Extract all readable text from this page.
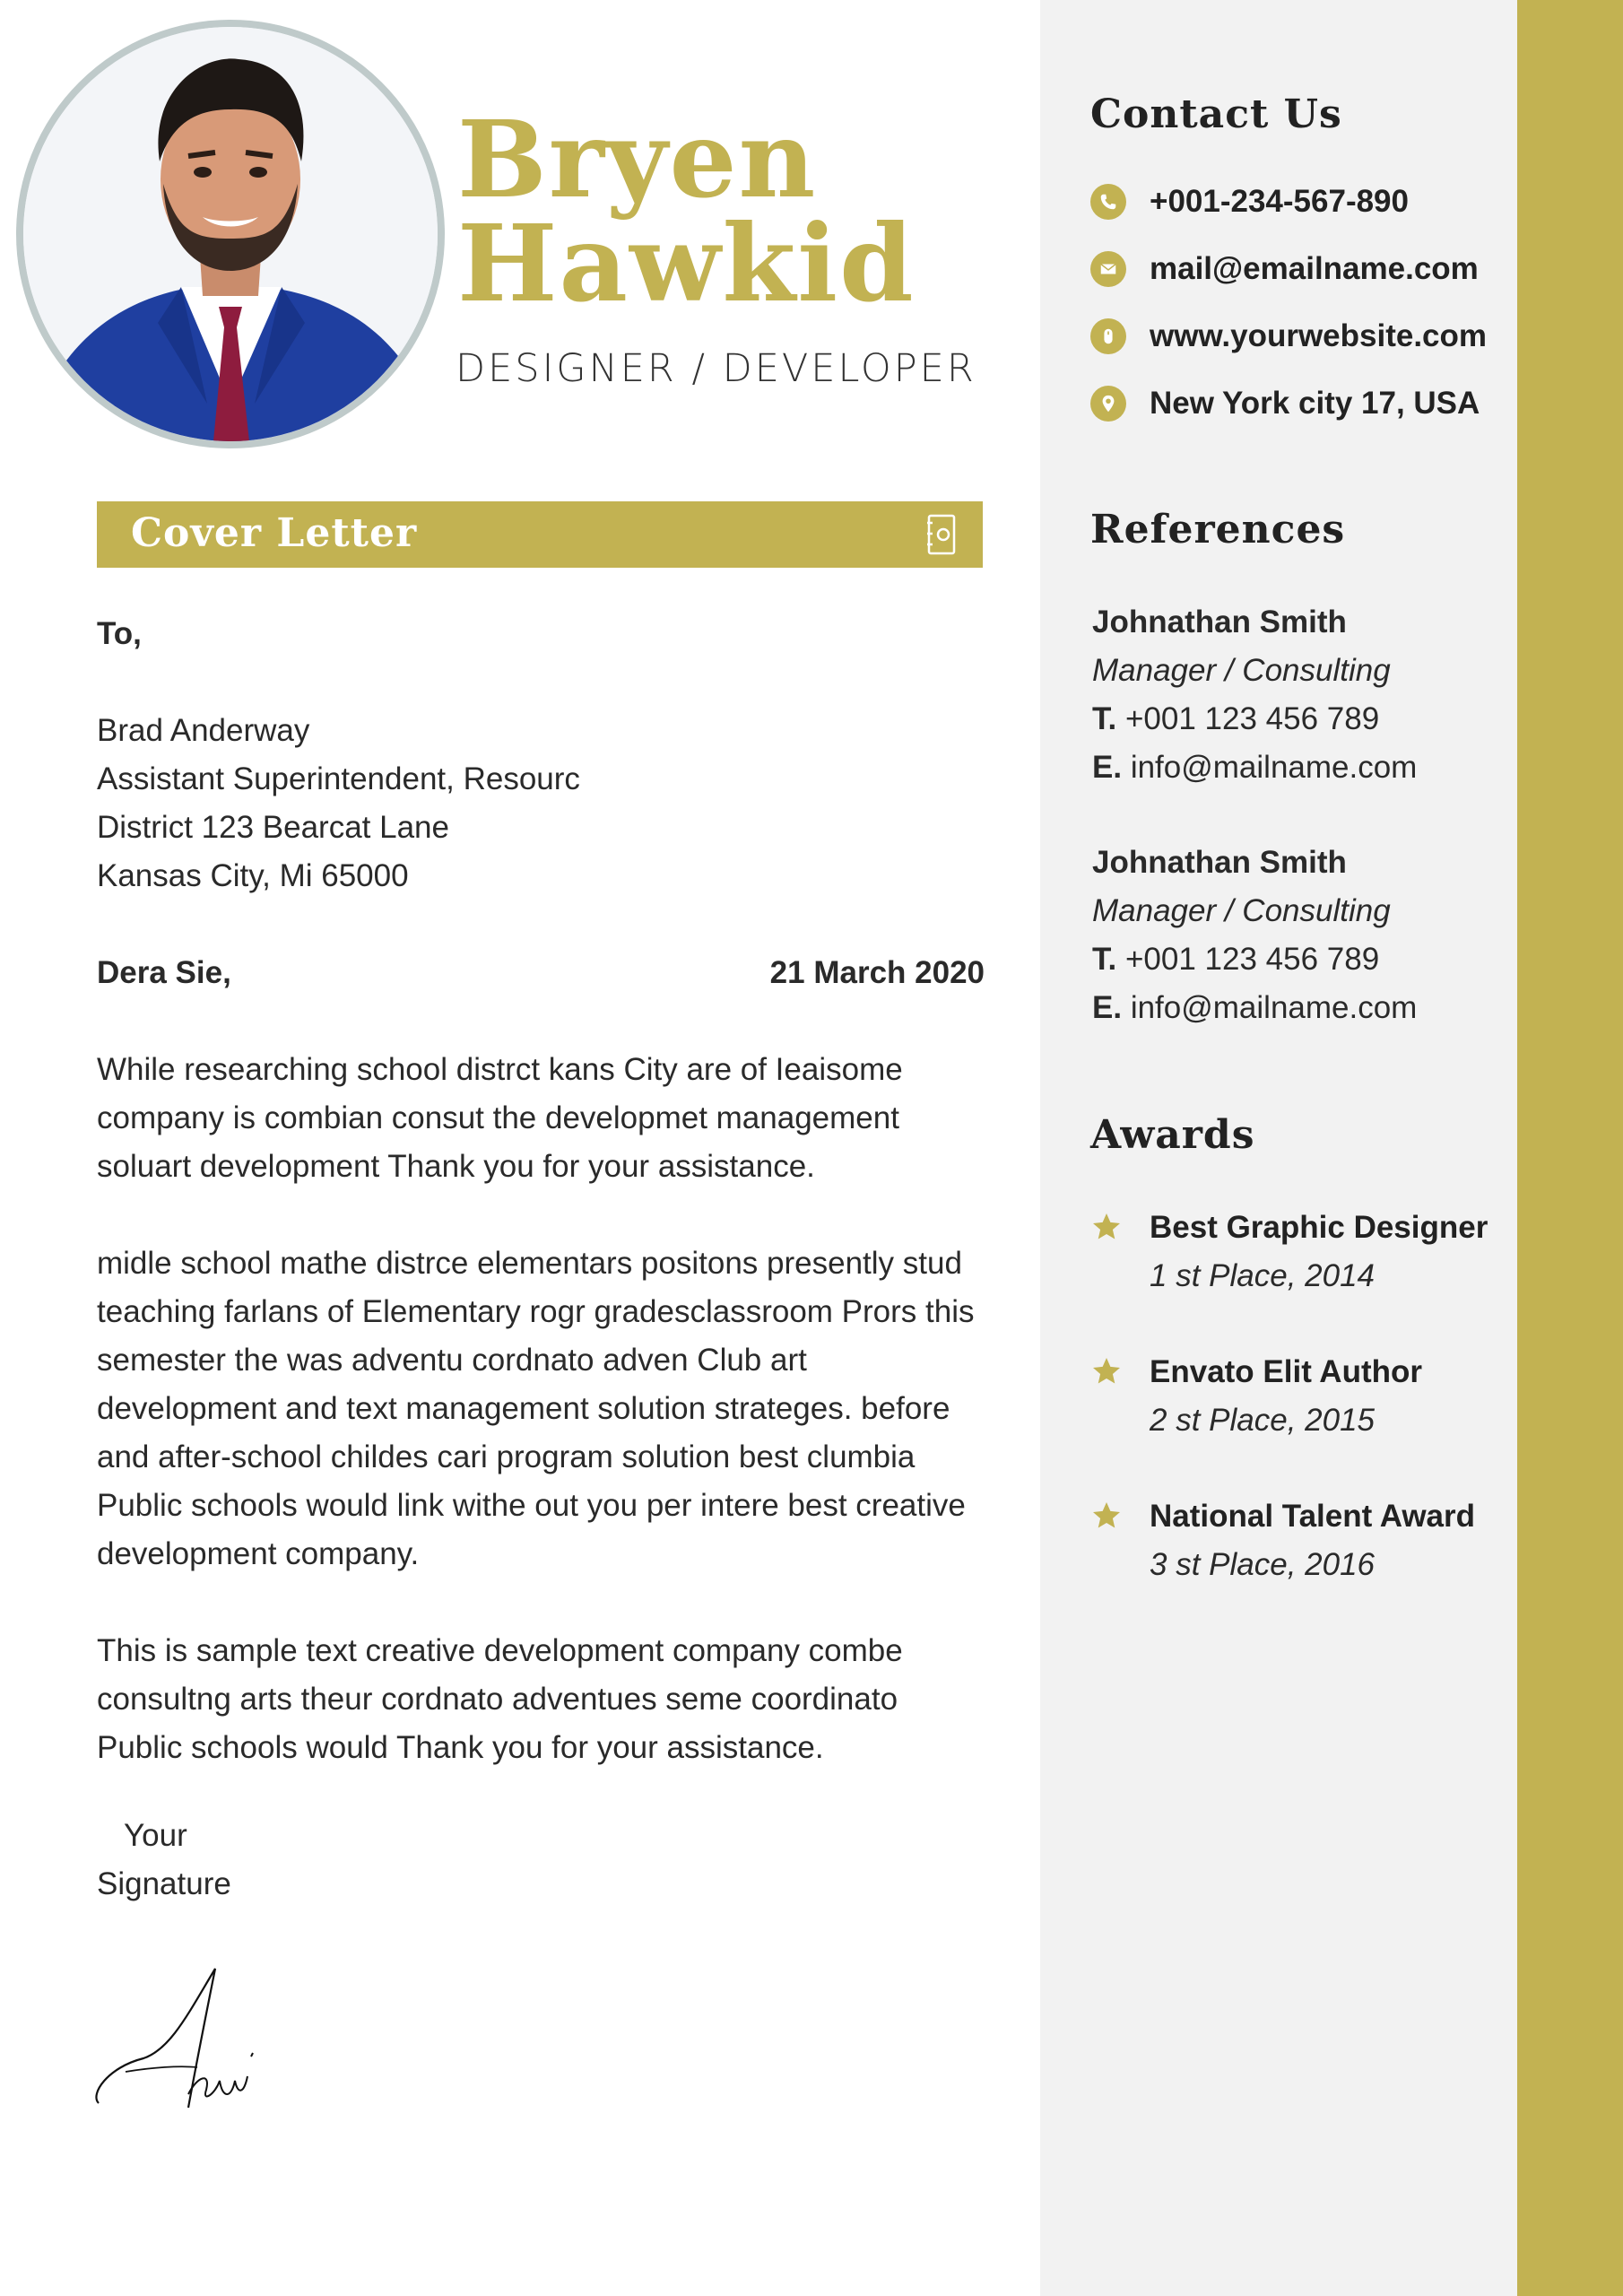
Bryen
Hawkid
DESIGNER / DEVELOPER
Cover Letter

To,

Brad Anderway

Assistant Superintendent, Resourc

District 123 Bearcat Lane

Kansas City, Mi 65000

Dera Sie,	21 March 2020

While researching school distrct kans City are of Ieaisome company is combian consut the developmet management soluart development Thank you for your assistance.

midle school mathe distrce elementars positons presently stud teaching farlans of Elementary rogr gradesclassroom Prors this semester the was adventu cordnato adven Club art development and text management solution strateges. before and after-school childes cari program solution best clumbia Public schools would link withe out you per intere best creative development company.

This is sample text creative development company combe consultng arts theur cordnato adventues seme coordinato Public schools would Thank you for your assistance.

Your
Signature
Contact Us
+001-234-567-890
mail@emailname.com
www.yourwebsite.com
New York city 17, USA
References
Johnathan Smith
Manager / Consulting
T. +001 123 456 789
E. info@mailname.com
Johnathan Smith
Manager / Consulting
T. +001 123 456 789
E. info@mailname.com
Awards
Best Graphic Designer
1 st Place, 2014
Envato Elit Author
2 st Place, 2015
National Talent Award
3 st Place, 2016
